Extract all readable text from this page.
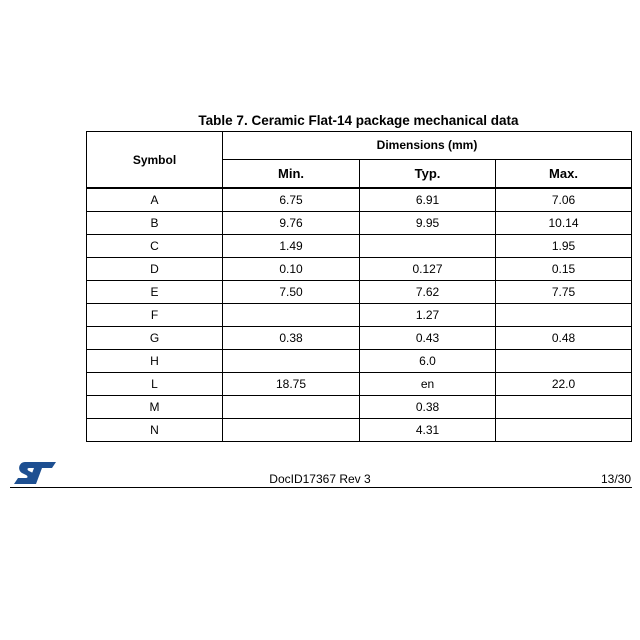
Table 7. Ceramic Flat-14 package mechanical data
Symbol	Dimensions (mm)		
	Min.	Typ.	Max.
A	6.75	6.91	7.06
B	9.76	9.95	10.14
C	1.49		1.95
D	0.10	0.127	0.15
E	7.50	7.62	7.75
F		1.27	
G	0.38	0.43	0.48
H		6.0	
L	18.75	en	22.0
M		0.38	
N		4.31	
DocID17367 Rev 3	13/30
